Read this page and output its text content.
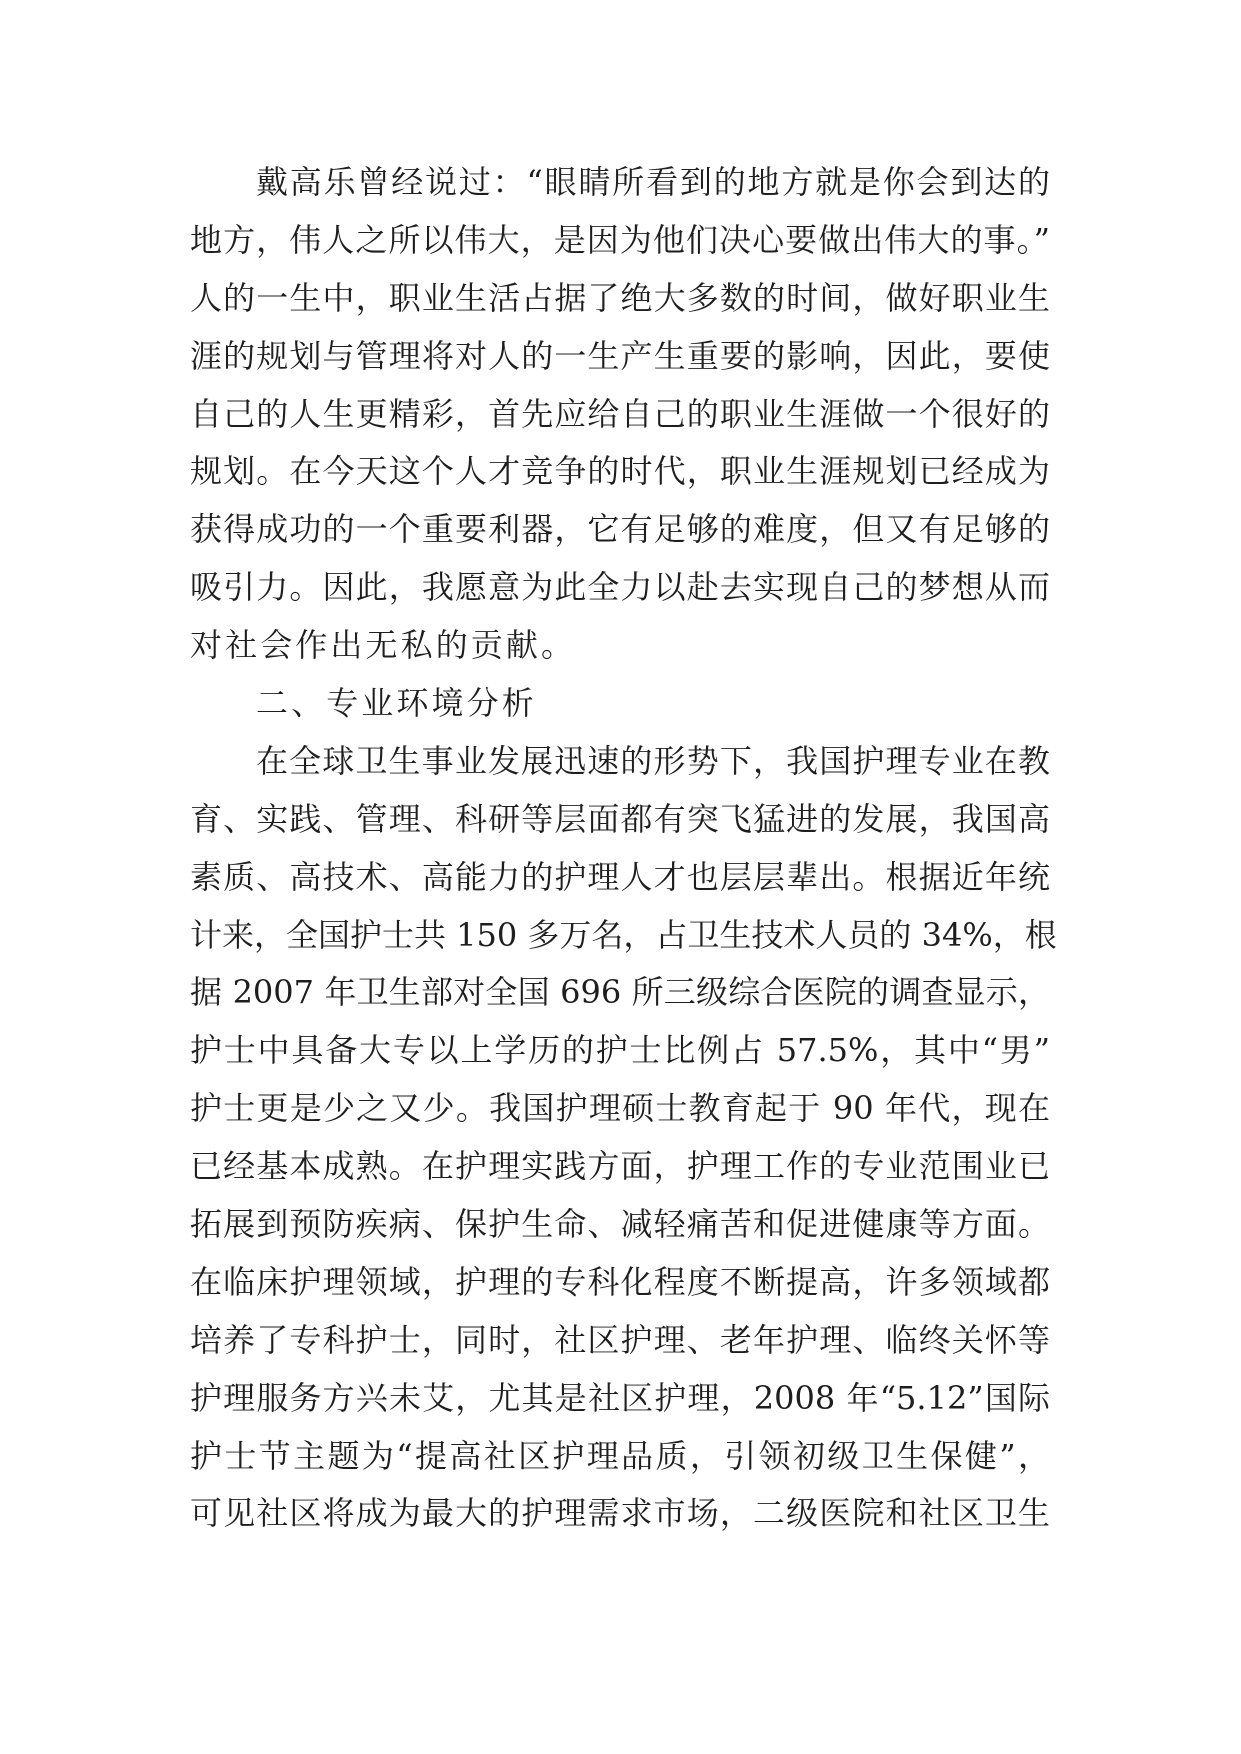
戴高乐曾经说过：“眼睛所看到的地方就是你会到达的
地方，伟人之所以伟大，是因为他们决心要做出伟大的事。”
人的一生中，职业生活占据了绝大多数的时间，做好职业生
涯的规划与管理将对人的一生产生重要的影响，因此，要使
自己的人生更精彩，首先应给自己的职业生涯做一个很好的
规划。在今天这个人才竞争的时代，职业生涯规划已经成为
获得成功的一个重要利器，它有足够的难度，但又有足够的
吸引力。因此，我愿意为此全力以赴去实现自己的梦想从而
对社会作出无私的贡献。
二、专业环境分析
在全球卫生事业发展迅速的形势下，我国护理专业在教
育、实践、管理、科研等层面都有突飞猛进的发展，我国高
素质、高技术、高能力的护理人才也层层辈出。根据近年统
计来，全国护士共 150 多万名，占卫生技术人员的 34%，根
据 2007 年卫生部对全国 696 所三级综合医院的调查显示，
护士中具备大专以上学历的护士比例占 57.5%，其中“男”
护士更是少之又少。我国护理硕士教育起于 90 年代，现在
已经基本成熟。在护理实践方面，护理工作的专业范围业已
拓展到预防疾病、保护生命、减轻痛苦和促进健康等方面。
在临床护理领域，护理的专科化程度不断提高，许多领域都
培养了专科护士，同时，社区护理、老年护理、临终关怀等
护理服务方兴未艾，尤其是社区护理，2008 年“5.12”国际
护士节主题为“提高社区护理品质，引领初级卫生保健”，
可见社区将成为最大的护理需求市场，二级医院和社区卫生
